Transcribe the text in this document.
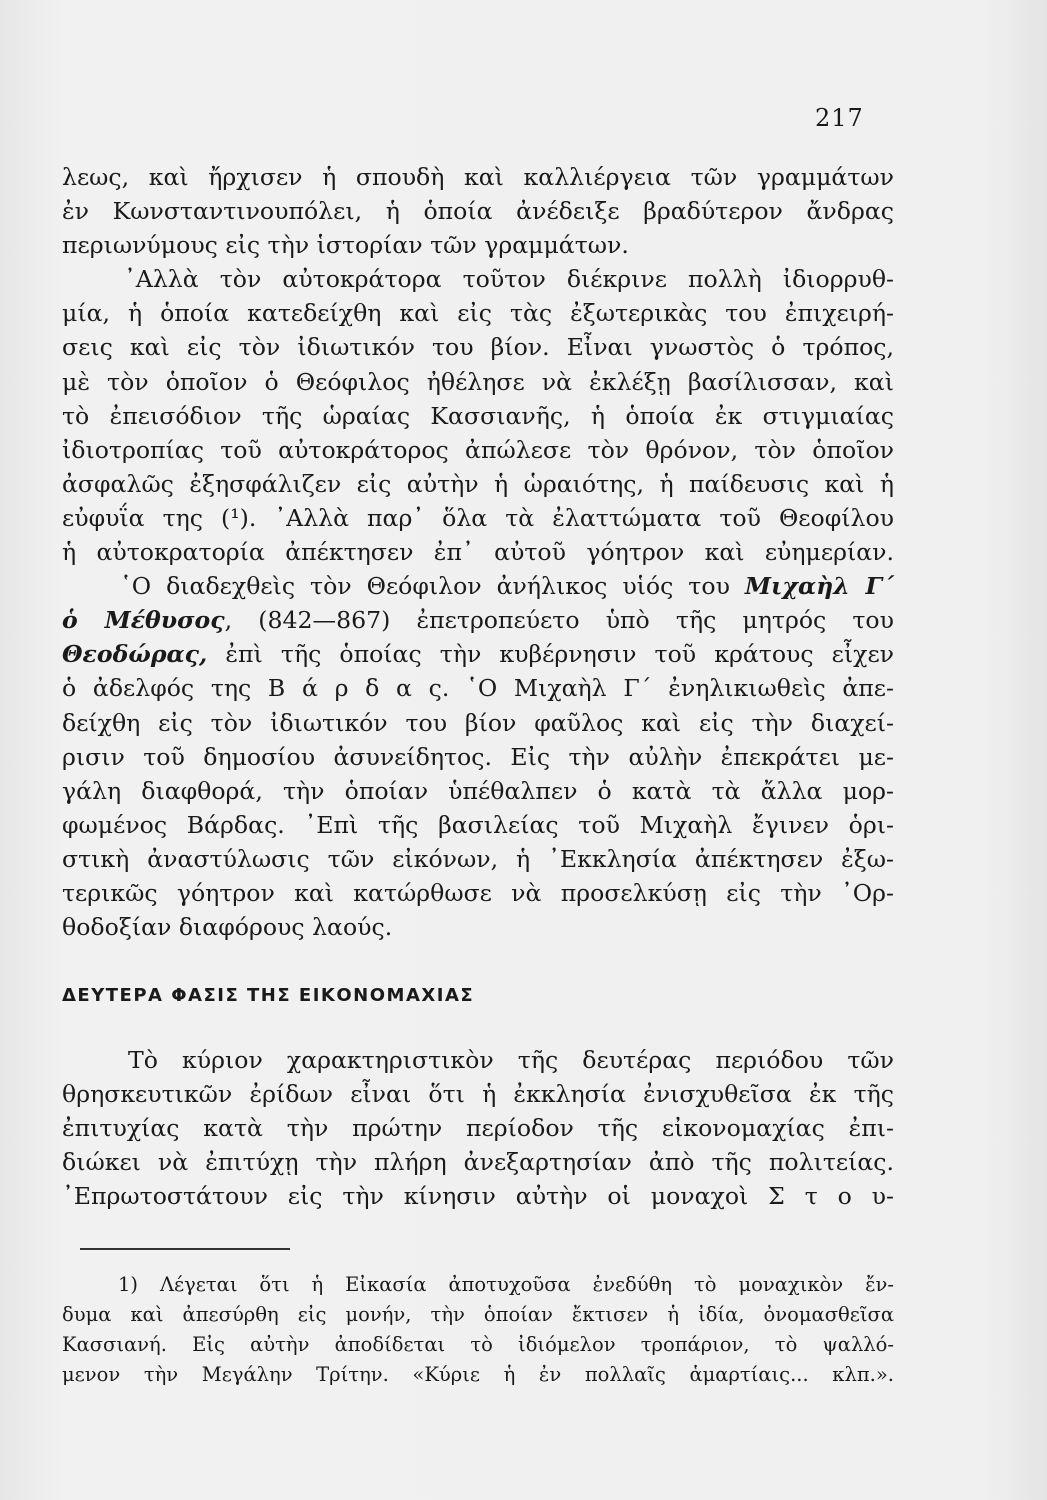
217
λεως, καὶ ἤρχισεν ἡ σπουδὴ καὶ καλλιέργεια τῶν γραμμάτων
ἐν Κωνσταντινουπόλει, ἡ ὁποία ἀνέδειξε βραδύτερον ἄνδρας
περιωνύμους εἰς τὴν ἱστορίαν τῶν γραμμάτων.
᾿Αλλὰ τὸν αὐτοκράτορα τοῦτον διέκρινε πολλὴ ἰδιορρυθ-
μία, ἡ ὁποία κατεδείχθη καὶ εἰς τὰς ἐξωτερικὰς του ἐπιχειρή-
σεις καὶ εἰς τὸν ἰδιωτικόν του βίον. Εἶναι γνωστὸς ὁ τρόπος,
μὲ τὸν ὁποῖον ὁ Θεόφιλος ἠθέλησε νὰ ἐκλέξῃ βασίλισσαν, καὶ
τὸ ἐπεισόδιον τῆς ὡραίας Κασσιανῆς, ἡ ὁποία ἐκ στιγμιαίας
ἰδιοτροπίας τοῦ αὐτοκράτορος ἀπώλεσε τὸν θρόνον, τὸν ὁποῖον
ἀσφαλῶς ἐξησφάλιζεν εἰς αὐτὴν ἡ ὡραιότης, ἡ παίδευσις καὶ ἡ
εὐφυΐα της (¹). ᾿Αλλὰ παρ᾿ ὅλα τὰ ἐλαττώματα τοῦ Θεοφίλου
ἡ αὐτοκρατορία ἀπέκτησεν ἐπ᾿ αὐτοῦ γόητρον καὶ εὐημερίαν.
῾Ο διαδεχθεὶς τὸν Θεόφιλον ἀνήλικος υἱός του Μιχαὴλ Γ´
ὁ Μέθυσος, (842—867) ἐπετροπεύετο ὑπὸ τῆς μητρός του
Θεοδώρας, ἐπὶ τῆς ὁποίας τὴν κυβέρνησιν τοῦ κράτους εἶχεν
ὁ ἀδελφός της Β ά ρ δ α ς. ῾Ο Μιχαὴλ Γ´ ἐνηλικιωθεὶς ἀπε-
δείχθη εἰς τὸν ἰδιωτικόν του βίον φαῦλος καὶ εἰς τὴν διαχεί-
ρισιν τοῦ δημοσίου ἀσυνείδητος. Εἰς τὴν αὐλὴν ἐπεκράτει με-
γάλη διαφθορά, τὴν ὁποίαν ὑπέθαλπεν ὁ κατὰ τὰ ἄλλα μορ-
φωμένος Βάρδας. ᾿Επὶ τῆς βασιλείας τοῦ Μιχαὴλ ἔγινεν ὁρι-
στικὴ ἀναστύλωσις τῶν εἰκόνων, ἡ ᾿Εκκλησία ἀπέκτησεν ἐξω-
τερικῶς γόητρον καὶ κατώρθωσε νὰ προσελκύσῃ εἰς τὴν ᾿Ορ-
θοδοξίαν διαφόρους λαούς.
ΔΕΥΤΕΡΑ ΦΑΣΙΣ ΤΗΣ ΕΙΚΟΝΟΜΑΧΙΑΣ
Τὸ κύριον χαρακτηριστικὸν τῆς δευτέρας περιόδου τῶν
θρησκευτικῶν ἐρίδων εἶναι ὅτι ἡ ἐκκλησία ἐνισχυθεῖσα ἐκ τῆς
ἐπιτυχίας κατὰ τὴν πρώτην περίοδον τῆς εἰκονομαχίας ἐπι-
διώκει νὰ ἐπιτύχῃ τὴν πλήρη ἀνεξαρτησίαν ἀπὸ τῆς πολιτείας.
᾿Επρωτοστάτουν εἰς τὴν κίνησιν αὐτὴν οἱ μοναχοὶ Σ τ ο υ-
1) Λέγεται ὅτι ἡ Εἰκασία ἀποτυχοῦσα ἐνεδύθη τὸ μοναχικὸν ἔν-
δυμα καὶ ἀπεσύρθη εἰς μονήν, τὴν ὁποίαν ἔκτισεν ἡ ἰδία, ὀνομασθεῖσα
Κασσιανή. Εἰς αὐτὴν ἀποδίδεται τὸ ἰδιόμελον τροπάριον, τὸ ψαλλό-
μενον τὴν Μεγάλην Τρίτην. «Κύριε ἡ ἐν πολλαῖς ἁμαρτίαις... κλπ.».
